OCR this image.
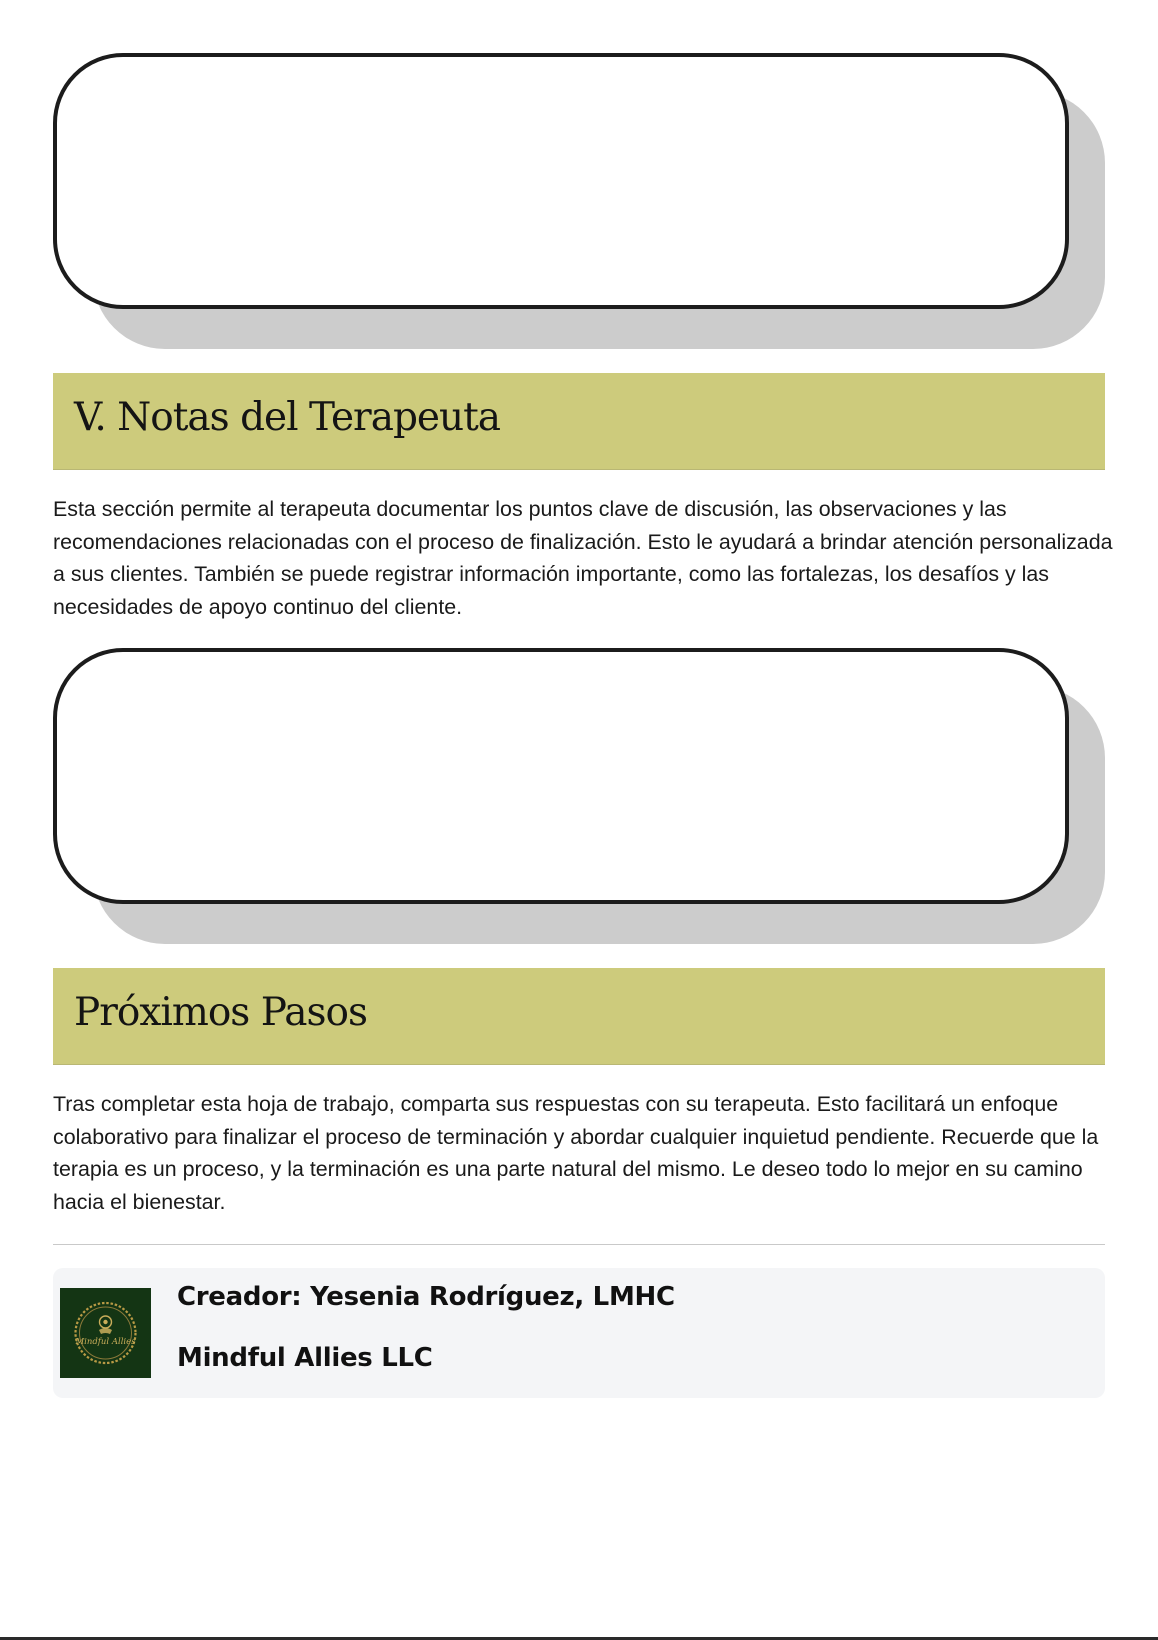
V. Notas del Terapeuta

Esta sección permite al terapeuta documentar los puntos clave de discusión, las observaciones y las recomendaciones relacionadas con el proceso de finalización. Esto le ayudará a brindar atención personalizada a sus clientes. También se puede registrar información importante, como las fortalezas, los desafíos y las necesidades de apoyo continuo del cliente.

Próximos Pasos

Tras completar esta hoja de trabajo, comparta sus respuestas con su terapeuta. Esto facilitará un enfoque colaborativo para finalizar el proceso de terminación y abordar cualquier inquietud pendiente. Recuerde que la terapia es un proceso, y la terminación es una parte natural del mismo. Le deseo todo lo mejor en su camino hacia el bienestar.

Mindful Allies

Creador: Yesenia Rodríguez, LMHC

Mindful Allies LLC
